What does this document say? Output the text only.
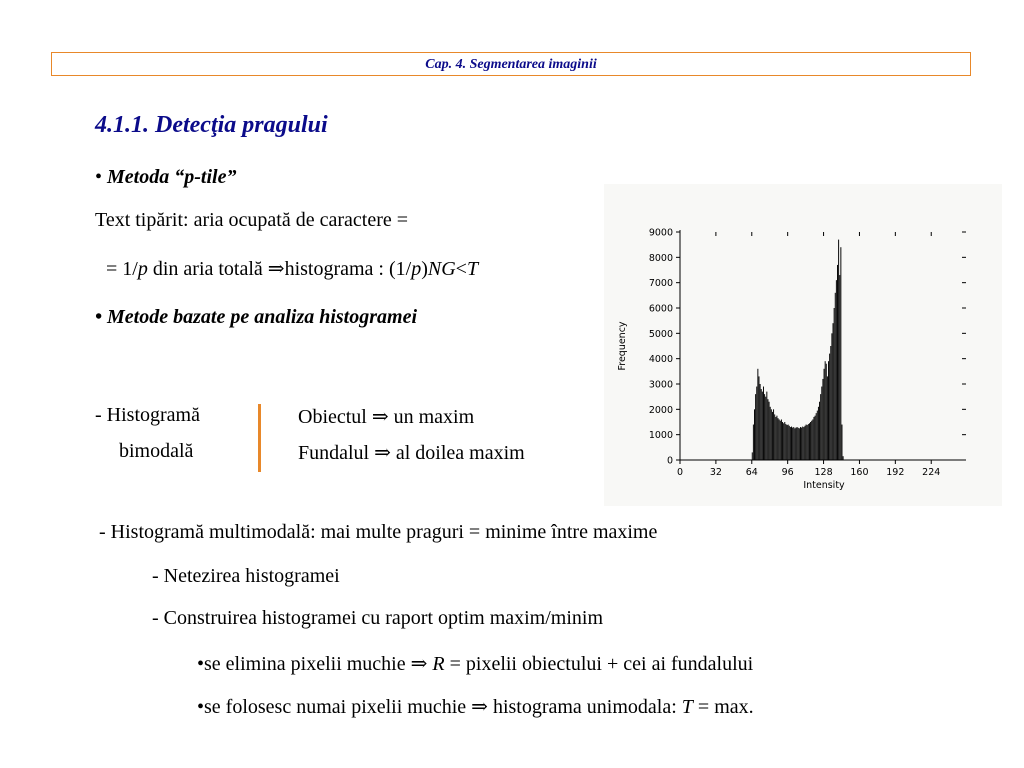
Cap. 4. Segmentarea imaginii
4.1.1. Detecţia pragului

• Metoda “p-tile”

Text tipărit: aria ocupată de caractere =

= 1/p din aria totală ⇒histograma : (1/p)NG<T

• Metode bazate pe analiza histogramei

- Histogramă

bimodală

Obiectul ⇒ un maxim

Fundalul ⇒ al doilea maxim	0
1000
2000
3000
4000
5000
6000
7000
8000
9000
0	32	64	96 128 160 192 224
Intensity
Frequency

- Histogramă multimodală: mai multe praguri = minime între maxime

- Netezirea histogramei

- Construirea histogramei cu raport optim maxim/minim

•se elimina pixelii muchie ⇒ R = pixelii obiectului + cei ai fundalului

•se folosesc numai pixelii muchie ⇒ histograma unimodala: T = max.
